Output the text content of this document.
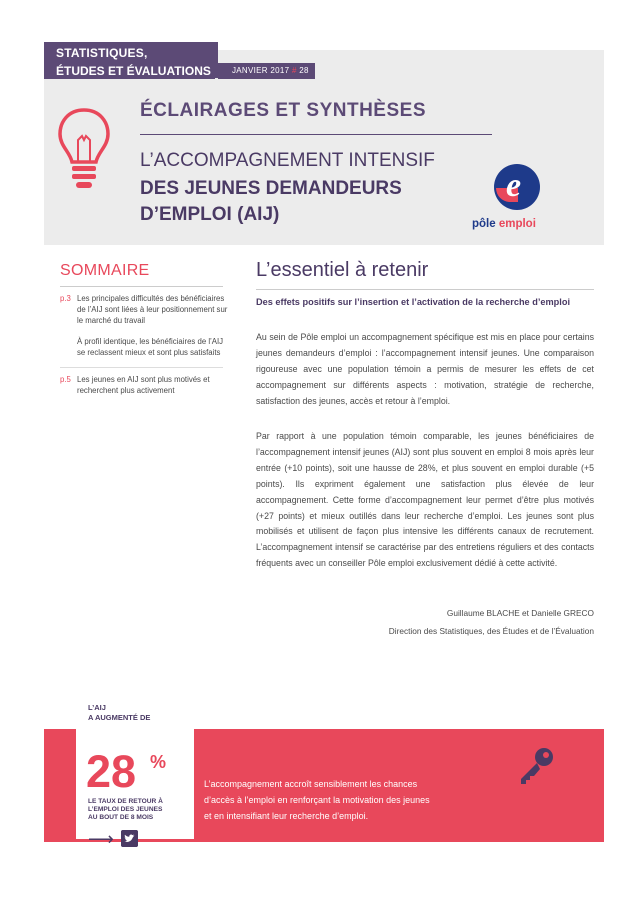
STATISTIQUES,
ÉTUDES ET ÉVALUATIONS	JANVIER 2017 # 28
ÉCLAIRAGES ET SYNTHÈSES
L’ACCOMPAGNEMENT INTENSIF
DES JEUNES DEMANDEURS
D’EMPLOI (AIJ)
e
pôle emploi
SOMMAIRE
p.3 Les principales difficultés des bénéficiaires de l’AIJ sont liées à leur positionnement sur le marché du travail
À profil identique, les bénéficiaires de l’AIJ se reclassent mieux et sont plus satisfaits
p.5 Les jeunes en AIJ sont plus motivés et recherchent plus activement
L’essentiel à retenir
Des effets positifs sur l’insertion et l’activation de la recherche d’emploi
Au sein de Pôle emploi un accompagnement spécifique est mis en place pour certains jeunes demandeurs d’emploi : l’accompagnement intensif jeunes. Une comparaison rigoureuse avec une population témoin a permis de mesurer les effets de cet accompagnement sur différents aspects : motivation, stratégie de recherche, satisfaction des jeunes, accès et retour à l’emploi.
Par rapport à une population témoin comparable, les jeunes bénéficiaires de l’accompagnement intensif jeunes (AIJ) sont plus souvent en emploi 8 mois après leur entrée (+10 points), soit une hausse de 28%, et plus souvent en emploi durable (+5 points). Ils expriment également une satisfaction plus élevée de leur accompagnement. Cette forme d’accompagnement leur permet d’être plus motivés (+27 points) et mieux outillés dans leur recherche d’emploi. Les jeunes sont plus mobilisés et utilisent de façon plus intensive les différents canaux de recrutement. L’accompagnement intensif se caractérise par des entretiens réguliers et des contacts fréquents avec un conseiller Pôle emploi exclusivement dédié à cette activité.
Guillaume BLACHE et Danielle GRECO
Direction des Statistiques, des Études et de l’Évaluation
L’AIJ
A AUGMENTÉ DE
28 %
LE TAUX DE RETOUR À
L’EMPLOI DES JEUNES
AU BOUT DE 8 MOIS
⟶
L’accompagnement accroît sensiblement les chances
d’accès à l’emploi en renforçant la motivation des jeunes
et en intensifiant leur recherche d’emploi.
